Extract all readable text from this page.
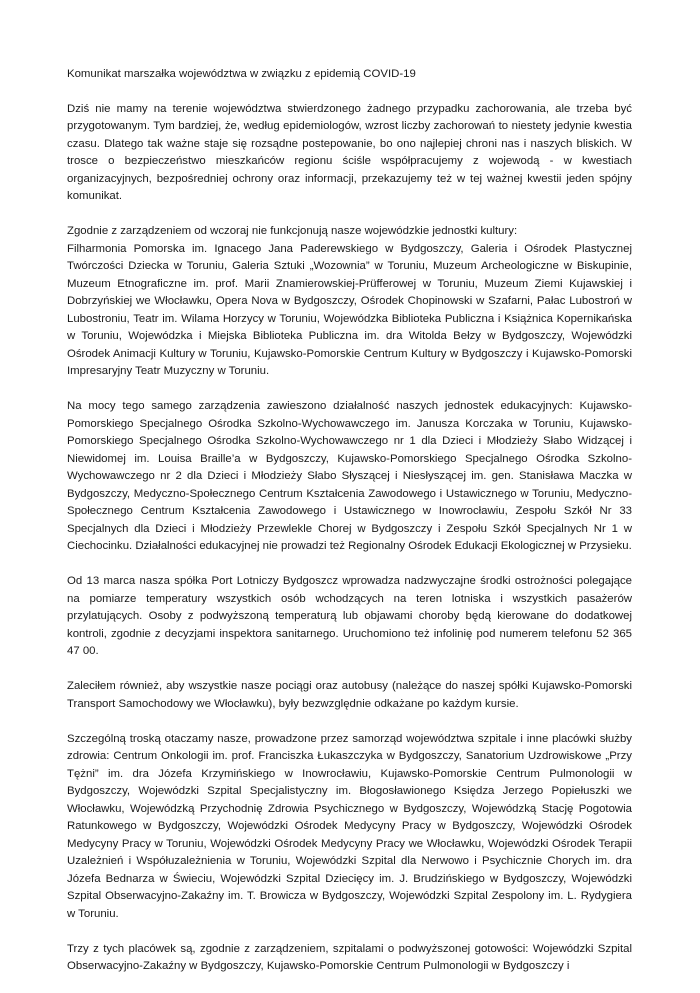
Komunikat marszałka województwa w związku z epidemią COVID-19

Dziś nie mamy na terenie województwa stwierdzonego żadnego przypadku zachorowania, ale trzeba być przygotowanym. Tym bardziej, że, według epidemiologów, wzrost liczby zachorowań to niestety jedynie kwestia czasu. Dlatego tak ważne staje się rozsądne postepowanie, bo ono najlepiej chroni nas i naszych bliskich. W trosce o bezpieczeństwo mieszkańców regionu ściśle współpracujemy z wojewodą - w kwestiach organizacyjnych, bezpośredniej ochrony oraz informacji, przekazujemy też w tej ważnej kwestii jeden spójny komunikat.

Zgodnie z zarządzeniem od wczoraj nie funkcjonują nasze wojewódzkie jednostki kultury:

Filharmonia Pomorska im. Ignacego Jana Paderewskiego w Bydgoszczy, Galeria i Ośrodek Plastycznej Twórczości Dziecka w Toruniu, Galeria Sztuki „Wozownia” w Toruniu, Muzeum Archeologiczne w Biskupinie, Muzeum Etnograficzne im. prof. Marii Znamierowskiej-Prüfferowej w Toruniu, Muzeum Ziemi Kujawskiej i Dobrzyńskiej we Włocławku, Opera Nova w Bydgoszczy, Ośrodek Chopinowski w Szafarni, Pałac Lubostroń w Lubostroniu, Teatr im. Wilama Horzycy w Toruniu, Wojewódzka Biblioteka Publiczna i Książnica Kopernikańska w Toruniu, Wojewódzka i Miejska Biblioteka Publiczna im. dra Witolda Bełzy w Bydgoszczy, Wojewódzki Ośrodek Animacji Kultury w Toruniu, Kujawsko-Pomorskie Centrum Kultury w Bydgoszczy i Kujawsko-Pomorski Impresaryjny Teatr Muzyczny w Toruniu.

Na mocy tego samego zarządzenia zawieszono działalność naszych jednostek edukacyjnych: Kujawsko-Pomorskiego Specjalnego Ośrodka Szkolno-Wychowawczego im. Janusza Korczaka w Toruniu, Kujawsko-Pomorskiego Specjalnego Ośrodka Szkolno-Wychowawczego nr 1 dla Dzieci i Młodzieży Słabo Widzącej i Niewidomej im. Louisa Braille’a w Bydgoszczy, Kujawsko-Pomorskiego Specjalnego Ośrodka Szkolno-Wychowawczego nr 2 dla Dzieci i Młodzieży Słabo Słyszącej i Niesłyszącej im. gen. Stanisława Maczka w Bydgoszczy, Medyczno-Społecznego Centrum Kształcenia Zawodowego i Ustawicznego w Toruniu, Medyczno-Społecznego Centrum Kształcenia Zawodowego i Ustawicznego w Inowrocławiu, Zespołu Szkół Nr 33 Specjalnych dla Dzieci i Młodzieży Przewlekle Chorej w Bydgoszczy i Zespołu Szkół Specjalnych Nr 1 w Ciechocinku. Działalności edukacyjnej nie prowadzi też Regionalny Ośrodek Edukacji Ekologicznej w Przysieku.

Od 13 marca nasza spółka Port Lotniczy Bydgoszcz wprowadza nadzwyczajne środki ostrożności polegające na pomiarze temperatury wszystkich osób wchodzących na teren lotniska i wszystkich pasażerów przylatujących. Osoby z podwyższoną temperaturą lub objawami choroby będą kierowane do dodatkowej kontroli, zgodnie z decyzjami inspektora sanitarnego. Uruchomiono też infolinię pod numerem telefonu 52 365 47 00.

Zaleciłem również, aby wszystkie nasze pociągi oraz autobusy (należące do naszej spółki Kujawsko-Pomorski Transport Samochodowy we Włocławku), były bezwzględnie odkażane po każdym kursie.

Szczególną troską otaczamy nasze, prowadzone przez samorząd województwa szpitale i inne placówki służby zdrowia: Centrum Onkologii im. prof. Franciszka Łukaszczyka w Bydgoszczy, Sanatorium Uzdrowiskowe „Przy Tężni” im. dra Józefa Krzymińskiego w Inowrocławiu, Kujawsko-Pomorskie Centrum Pulmonologii w Bydgoszczy, Wojewódzki Szpital Specjalistyczny im. Błogosławionego Księdza Jerzego Popiełuszki we Włocławku, Wojewódzką Przychodnię Zdrowia Psychicznego w Bydgoszczy, Wojewódzką Stację Pogotowia Ratunkowego w Bydgoszczy, Wojewódzki Ośrodek Medycyny Pracy w Bydgoszczy, Wojewódzki Ośrodek Medycyny Pracy w Toruniu, Wojewódzki Ośrodek Medycyny Pracy we Włocławku, Wojewódzki Ośrodek Terapii Uzależnień i Współuzależnienia w Toruniu, Wojewódzki Szpital dla Nerwowo i Psychicznie Chorych im. dra Józefa Bednarza w Świeciu, Wojewódzki Szpital Dziecięcy im. J. Brudzińskiego w Bydgoszczy, Wojewódzki Szpital Obserwacyjno-Zakaźny im. T. Browicza w Bydgoszczy, Wojewódzki Szpital Zespolony im. L. Rydygiera w Toruniu.

Trzy z tych placówek są, zgodnie z zarządzeniem, szpitalami o podwyższonej gotowości: Wojewódzki Szpital Obserwacyjno-Zakaźny w Bydgoszczy, Kujawsko-Pomorskie Centrum Pulmonologii w Bydgoszczy i
